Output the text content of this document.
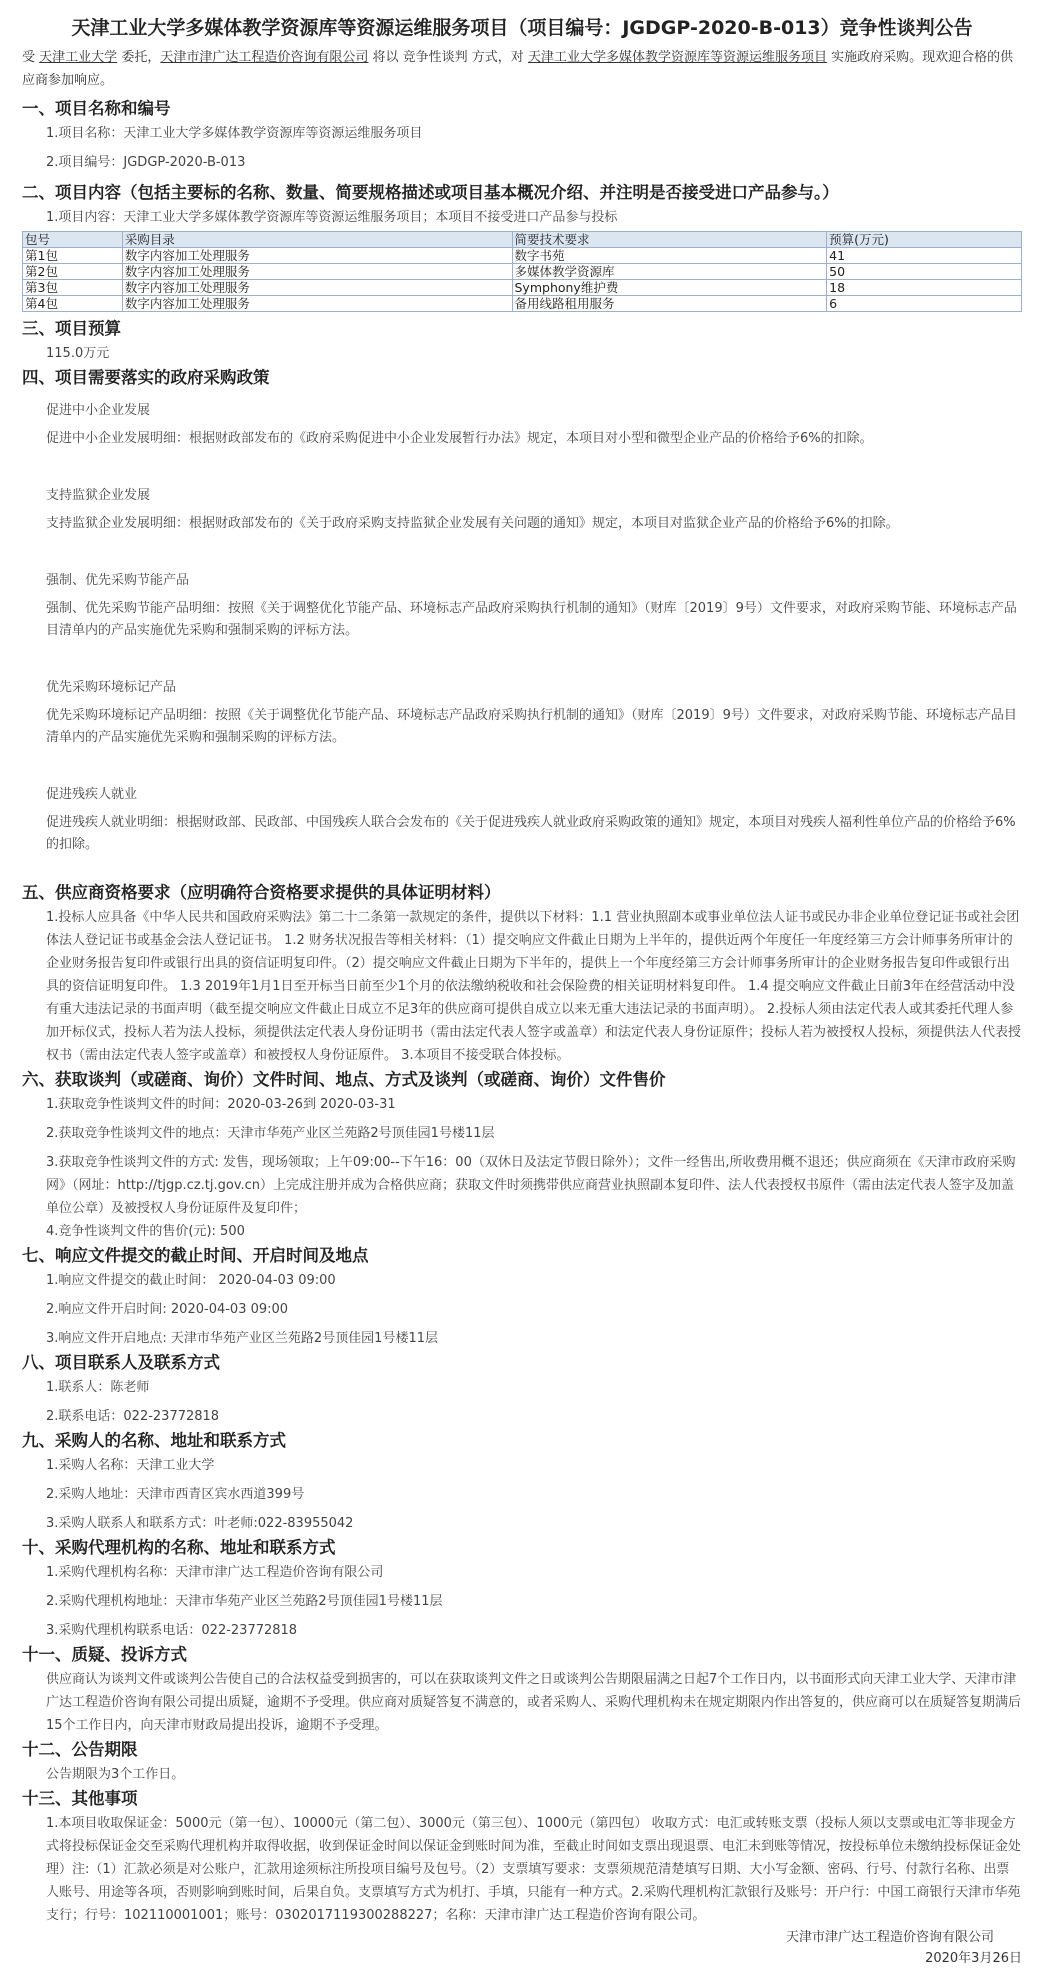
天津工业大学多媒体教学资源库等资源运维服务项目（项目编号：JGDGP-2020-B-013）竞争性谈判公告

受 天津工业大学 委托，天津市津广达工程造价咨询有限公司 将以 竞争性谈判 方式，对 天津工业大学多媒体教学资源库等资源运维服务项目 实施政府采购。现欢迎合格的供应商参加响应。

一、项目名称和编号

1.项目名称：天津工业大学多媒体教学资源库等资源运维服务项目

2.项目编号：JGDGP-2020-B-013

二、项目内容（包括主要标的名称、数量、简要规格描述或项目基本概况介绍、并注明是否接受进口产品参与。）

1.项目内容：天津工业大学多媒体教学资源库等资源运维服务项目；本项目不接受进口产品参与投标

包号	采购目录	简要技术要求	预算(万元)
第1包	数字内容加工处理服务	数字书苑	41
第2包	数字内容加工处理服务	多媒体教学资源库	50
第3包	数字内容加工处理服务	Symphony维护费	18
第4包	数字内容加工处理服务	备用线路租用服务	6
三、项目预算

115.0万元

四、项目需要落实的政府采购政策

促进中小企业发展

促进中小企业发展明细：根据财政部发布的《政府采购促进中小企业发展暂行办法》规定，本项目对小型和微型企业产品的价格给予6%的扣除。

支持监狱企业发展

支持监狱企业发展明细：根据财政部发布的《关于政府采购支持监狱企业发展有关问题的通知》规定，本项目对监狱企业产品的价格给予6%的扣除。

强制、优先采购节能产品

强制、优先采购节能产品明细：按照《关于调整优化节能产品、环境标志产品政府采购执行机制的通知》（财库〔2019〕9号）文件要求，对政府采购节能、环境标志产品目清单内的产品实施优先采购和强制采购的评标方法。

优先采购环境标记产品

优先采购环境标记产品明细：按照《关于调整优化节能产品、环境标志产品政府采购执行机制的通知》（财库〔2019〕9号）文件要求，对政府采购节能、环境标志产品目清单内的产品实施优先采购和强制采购的评标方法。

促进残疾人就业

促进残疾人就业明细：根据财政部、民政部、中国残疾人联合会发布的《关于促进残疾人就业政府采购政策的通知》规定，本项目对残疾人福利性单位产品的价格给予6%的扣除。

五、供应商资格要求（应明确符合资格要求提供的具体证明材料）

1.投标人应具备《中华人民共和国政府采购法》第二十二条第一款规定的条件，提供以下材料：1.1 营业执照副本或事业单位法人证书或民办非企业单位登记证书或社会团体法人登记证书或基金会法人登记证书。 1.2 财务状况报告等相关材料：（1）提交响应文件截止日期为上半年的，提供近两个年度任一年度经第三方会计师事务所审计的企业财务报告复印件或银行出具的资信证明复印件。（2）提交响应文件截止日期为下半年的，提供上一个年度经第三方会计师事务所审计的企业财务报告复印件或银行出具的资信证明复印件。 1.3 2019年1月1日至开标当日前至少1个月的依法缴纳税收和社会保险费的相关证明材料复印件。 1.4 提交响应文件截止日前3年在经营活动中没有重大违法记录的书面声明（截至提交响应文件截止日成立不足3年的供应商可提供自成立以来无重大违法记录的书面声明）。 2.投标人须由法定代表人或其委托代理人参加开标仪式，投标人若为法人投标，须提供法定代表人身份证明书（需由法定代表人签字或盖章）和法定代表人身份证原件；投标人若为被授权人投标，须提供法人代表授权书（需由法定代表人签字或盖章）和被授权人身份证原件。 3.本项目不接受联合体投标。

六、获取谈判（或磋商、询价）文件时间、地点、方式及谈判（或磋商、询价）文件售价

1.获取竞争性谈判文件的时间：2020-03-26到 2020-03-31

2.获取竞争性谈判文件的地点：天津市华苑产业区兰苑路2号顶佳园1号楼11层

3.获取竞争性谈判文件的方式: 发售，现场领取；上午09:00--下午16：00（双休日及法定节假日除外）；文件一经售出,所收费用概不退还；供应商须在《天津市政府采购网》（网址：http://tjgp.cz.tj.gov.cn）上完成注册并成为合格供应商；获取文件时须携带供应商营业执照副本复印件、法人代表授权书原件（需由法定代表人签字及加盖单位公章）及被授权人身份证原件及复印件；

4.竞争性谈判文件的售价(元): 500

七、响应文件提交的截止时间、开启时间及地点

1.响应文件提交的截止时间： 2020-04-03 09:00

2.响应文件开启时间: 2020-04-03 09:00

3.响应文件开启地点: 天津市华苑产业区兰苑路2号顶佳园1号楼11层

八、项目联系人及联系方式

1.联系人：陈老师

2.联系电话：022-23772818

九、采购人的名称、地址和联系方式

1.采购人名称：天津工业大学

2.采购人地址：天津市西青区宾水西道399号

3.采购人联系人和联系方式：叶老师:022-83955042

十、采购代理机构的名称、地址和联系方式

1.采购代理机构名称：天津市津广达工程造价咨询有限公司

2.采购代理机构地址：天津市华苑产业区兰苑路2号顶佳园1号楼11层

3.采购代理机构联系电话：022-23772818

十一、质疑、投诉方式

供应商认为谈判文件或谈判公告使自己的合法权益受到损害的，可以在获取谈判文件之日或谈判公告期限届满之日起7个工作日内，以书面形式向天津工业大学、天津市津广达工程造价咨询有限公司提出质疑，逾期不予受理。供应商对质疑答复不满意的，或者采购人、采购代理机构未在规定期限内作出答复的，供应商可以在质疑答复期满后15个工作日内，向天津市财政局提出投诉，逾期不予受理。

十二、公告期限

公告期限为3个工作日。

十三、其他事项

1.本项目收取保证金：5000元（第一包）、10000元（第二包）、3000元（第三包）、1000元（第四包） 收取方式：电汇或转账支票（投标人须以支票或电汇等非现金方式将投标保证金交至采购代理机构并取得收据，收到保证金时间以保证金到账时间为准，至截止时间如支票出现退票、电汇未到账等情况，按投标单位未缴纳投标保证金处理）注:（1）汇款必须是对公账户，汇款用途须标注所投项目编号及包号。（2）支票填写要求：支票须规范清楚填写日期、大小写金额、密码、行号、付款行名称、出票人账号、用途等各项，否则影响到账时间，后果自负。支票填写方式为机打、手填，只能有一种方式。2.采购代理机构汇款银行及账号：开户行：中国工商银行天津市华苑支行；行号：102110001001；账号：0302017119300288227；名称：天津市津广达工程造价咨询有限公司。

天津市津广达工程造价咨询有限公司

2020年3月26日
